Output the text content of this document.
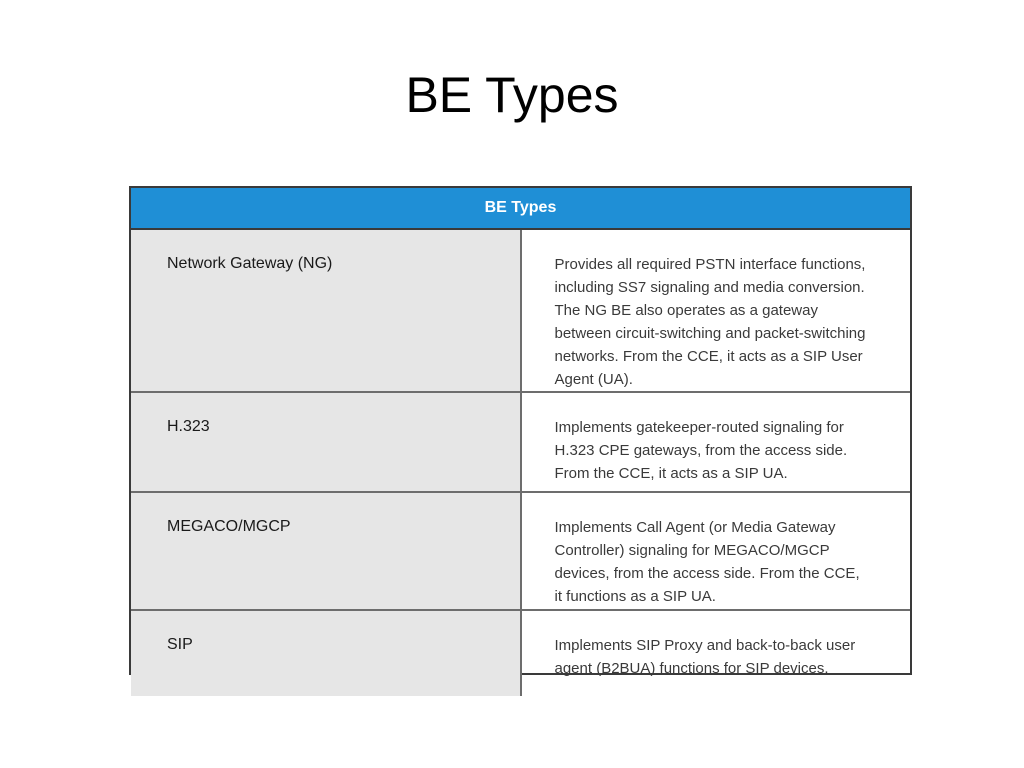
BE Types
BE Types	
Network Gateway (NG)	Provides all required PSTN interface functions, including SS7 signaling and media conversion. The NG BE also operates as a gateway between circuit-switching and packet-switching networks. From the CCE, it acts as a SIP User Agent (UA).
H.323	Implements gatekeeper-routed signaling for H.323 CPE gateways, from the access side. From the CCE, it acts as a SIP UA.
MEGACO/MGCP	Implements Call Agent (or Media Gateway Controller) signaling for MEGACO/MGCP devices, from the access side. From the CCE, it functions as a SIP UA.
SIP	Implements SIP Proxy and back-to-back user agent (B2BUA) functions for SIP devices.
